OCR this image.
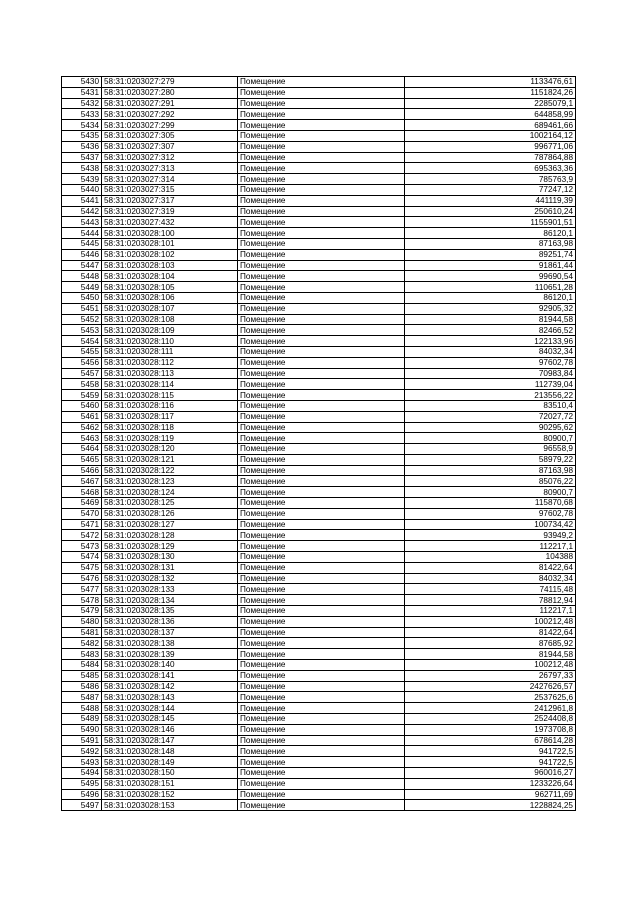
5430	58:31:0203027:279	Помещение	1133476,61
5431	58:31:0203027:280	Помещение	1151824,26
5432	58:31:0203027:291	Помещение	2285079,1
5433	58:31:0203027:292	Помещение	644858,99
5434	58:31:0203027:299	Помещение	689461,66
5435	58:31:0203027:305	Помещение	1002164,12
5436	58:31:0203027:307	Помещение	996771,06
5437	58:31:0203027:312	Помещение	787864,88
5438	58:31:0203027:313	Помещение	695363,36
5439	58:31:0203027:314	Помещение	785763,9
5440	58:31:0203027:315	Помещение	77247,12
5441	58:31:0203027:317	Помещение	441119,39
5442	58:31:0203027:319	Помещение	250610,24
5443	58:31:0203027:432	Помещение	1155901,51
5444	58:31:0203028:100	Помещение	86120,1
5445	58:31:0203028:101	Помещение	87163,98
5446	58:31:0203028:102	Помещение	89251,74
5447	58:31:0203028:103	Помещение	91861,44
5448	58:31:0203028:104	Помещение	99690,54
5449	58:31:0203028:105	Помещение	110651,28
5450	58:31:0203028:106	Помещение	86120,1
5451	58:31:0203028:107	Помещение	92905,32
5452	58:31:0203028:108	Помещение	81944,58
5453	58:31:0203028:109	Помещение	82466,52
5454	58:31:0203028:110	Помещение	122133,96
5455	58:31:0203028:111	Помещение	84032,34
5456	58:31:0203028:112	Помещение	97602,78
5457	58:31:0203028:113	Помещение	70983,84
5458	58:31:0203028:114	Помещение	112739,04
5459	58:31:0203028:115	Помещение	213556,22
5460	58:31:0203028:116	Помещение	83510,4
5461	58:31:0203028:117	Помещение	72027,72
5462	58:31:0203028:118	Помещение	90295,62
5463	58:31:0203028:119	Помещение	80900,7
5464	58:31:0203028:120	Помещение	96558,9
5465	58:31:0203028:121	Помещение	58979,22
5466	58:31:0203028:122	Помещение	87163,98
5467	58:31:0203028:123	Помещение	85076,22
5468	58:31:0203028:124	Помещение	80900,7
5469	58:31:0203028:125	Помещение	115870,68
5470	58:31:0203028:126	Помещение	97602,78
5471	58:31:0203028:127	Помещение	100734,42
5472	58:31:0203028:128	Помещение	93949,2
5473	58:31:0203028:129	Помещение	112217,1
5474	58:31:0203028:130	Помещение	104388
5475	58:31:0203028:131	Помещение	81422,64
5476	58:31:0203028:132	Помещение	84032,34
5477	58:31:0203028:133	Помещение	74115,48
5478	58:31:0203028:134	Помещение	78812,94
5479	58:31:0203028:135	Помещение	112217,1
5480	58:31:0203028:136	Помещение	100212,48
5481	58:31:0203028:137	Помещение	81422,64
5482	58:31:0203028:138	Помещение	87685,92
5483	58:31:0203028:139	Помещение	81944,58
5484	58:31:0203028:140	Помещение	100212,48
5485	58:31:0203028:141	Помещение	26797,33
5486	58:31:0203028:142	Помещение	2427626,57
5487	58:31:0203028:143	Помещение	2537625,6
5488	58:31:0203028:144	Помещение	2412961,8
5489	58:31:0203028:145	Помещение	2524408,8
5490	58:31:0203028:146	Помещение	1973708,8
5491	58:31:0203028:147	Помещение	678614,28
5492	58:31:0203028:148	Помещение	941722,5
5493	58:31:0203028:149	Помещение	941722,5
5494	58:31:0203028:150	Помещение	960016,27
5495	58:31:0203028:151	Помещение	1233226,64
5496	58:31:0203028:152	Помещение	962711,69
5497	58:31:0203028:153	Помещение	1228824,25
